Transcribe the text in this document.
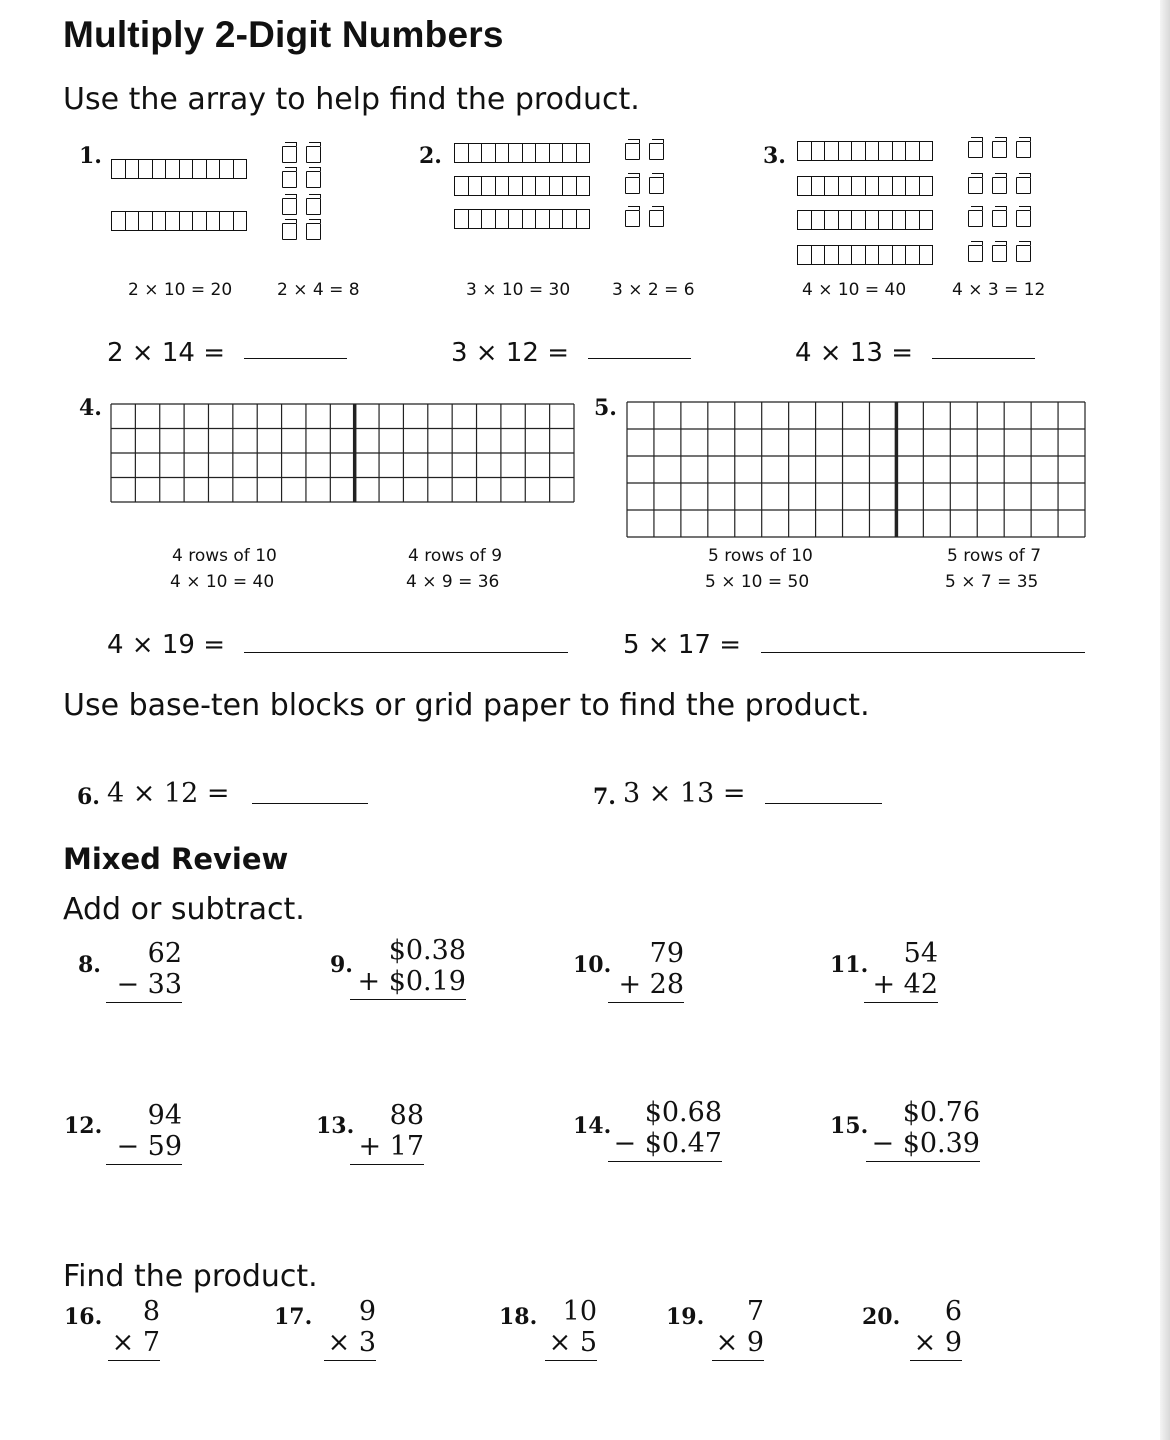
Multiply 2-Digit Numbers
Use the array to help find the product.
1.
2 × 10 = 20	2 × 4 = 8
2 × 14 =
2.
3 × 10 = 30 3 × 2 = 6
3 × 12 =
3.
4 × 10 = 40	4 × 3 = 12
4 × 13 =
4.
4 rows of 10
4 × 10 = 40
4 rows of 9
4 × 9 = 36
4 × 19 =
5.
5 rows of 10
5 × 10 = 50
5 rows of 7
5 × 7 = 35
5 × 17 =
Use base-ten blocks or grid paper to find the product.
6. 4 × 12 =	7. 3 × 13 =
Mixed Review
Add or subtract.
8.	62
− 33
9.	$0.38
+ $0.19
10.	79
+ 28
11.	54
+ 42
12.	94
− 59
13.	88
+ 17
14.	$0.68
− $0.47
15.	$0.76
− $0.39
Find the product.
16.	8
× 7
17.	9
× 3
18. 10
× 5
19.	7
× 9
20.	6
× 9
